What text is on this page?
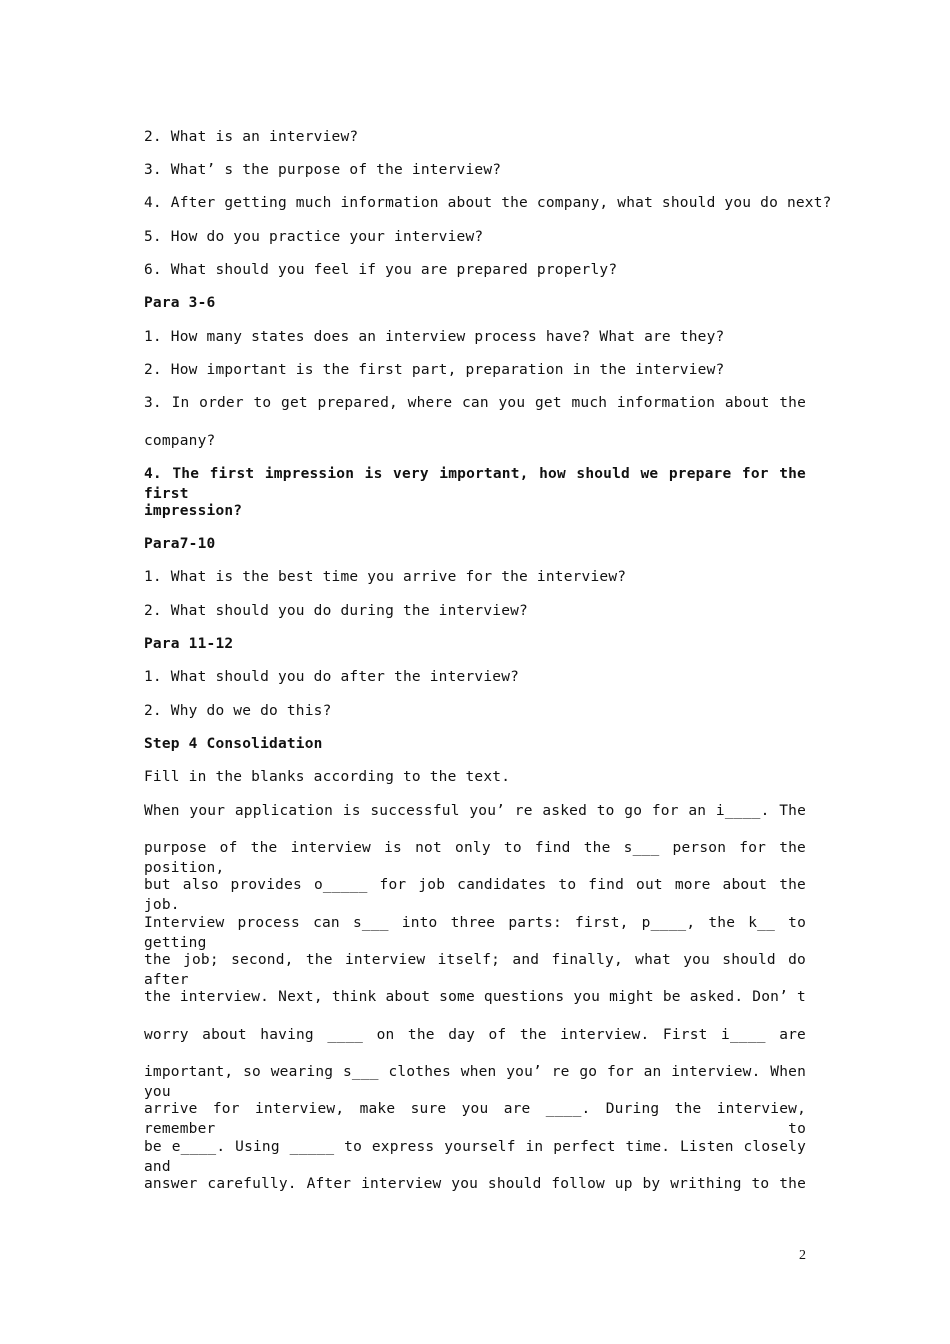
2. What is an interview?
3. What’ s the purpose of the interview?
4. After getting much information about the company, what should you do next?
5. How do you practice your interview?
6. What should you feel if you are prepared properly?
Para 3-6
1. How many states does an interview process have? What are they?
2. How important is the first part, preparation in the interview?
3. In order to get prepared, where can you get much information about the
company?
4. The first impression is very important, how should we prepare for the first
impression?
Para7-10
1. What is the best time you arrive for the interview?
2. What should you do during the interview?
Para 11-12
1. What should you do after the interview?
2. Why do we do this?
Step 4 Consolidation
Fill in the blanks according to the text.
When your application is successful you’ re asked to go for an i____. The
purpose of the interview is not only to find the s___ person for the position,
but also provides o_____ for job candidates to find out more about the job.
Interview process can s___ into three parts: first, p____, the k__ to getting
the job; second, the interview itself; and finally, what you should do after
the interview. Next, think about some questions you might be asked. Don’ t
worry about having ____ on the day of the interview. First i____ are
important, so wearing s___ clothes when you’ re go for an interview. When you
arrive for interview, make sure you are ____. During the interview, remember to
be e____. Using _____ to express yourself in perfect time. Listen closely and
answer carefully. After interview you should follow up by writhing to the
2
